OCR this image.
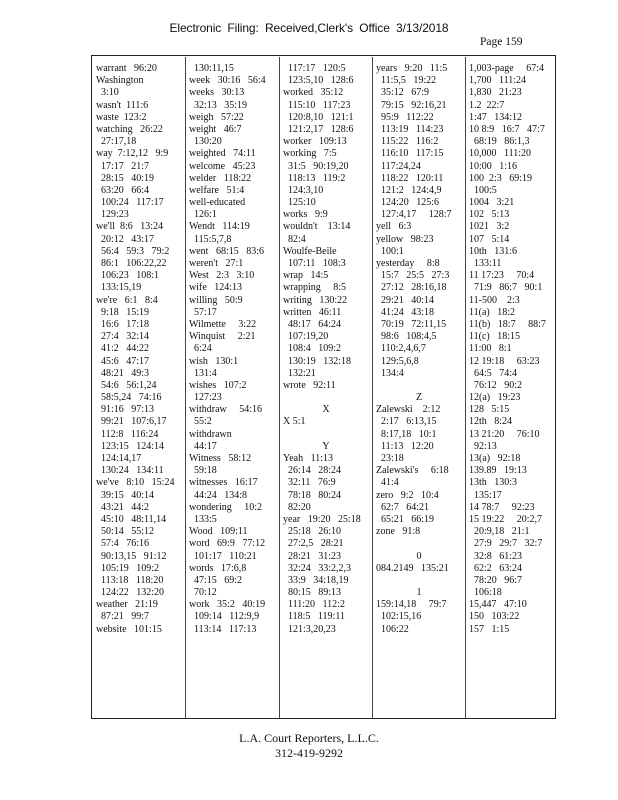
Electronic Filing: Received,Clerk's Office 3/13/2018
Page 159
warrant   96:20
Washington
3:10
wasn't  111:6
waste  123:2
watching   26:22
27:17,18
way  7:12,12   9:9
17:17   21:7
28:15   40:19
63:20   66:4
100:24   117:17
129:23
we'll  8:6   13:24
20:12   43:17
56:4   59:3   79:2
86:1   106:22,22
106:23   108:1
133:15,19
we're   6:1   8:4
9:18   15:19
16:6   17:18
27:4   32:14
41:2   44:22
45:6   47:17
48:21   49:3
54:6   56:1,24
58:5,24   74:16
91:16   97:13
99:21   107:6,17
112:8   116:24
123:15   124:14
124:14,17
130:24   134:11
we've   8:10   15:24
39:15   40:14
43:21   44:2
45:10   48:11,14
50:14   55:12
57:4   76:16
90:13,15   91:12
105:19   109:2
113:18   118:20
124:22   132:20
weather   21:19
87:21   99:7
website   101:15
130:11,15
week   30:16   56:4
weeks   30:13
32:13   35:19
weigh   57:22
weight   46:7
130:20
weighted   74:11
welcome   45:23
welder   118:22
welfare   51:4
well-educated
126:1
Wendt   114:19
115:5,7,8
went   68:15   83:6
weren't   27:1
West   2:3   3:10
wife   124:13
willing   50:9
57:17
Wilmette     3:22
Winquist     2:21
6:24
wish   130:1
131:4
wishes   107:2
127:23
withdraw     54:16
55:2
withdrawn
44:17
Witness   58:12
59:18
witnesses   16:17
44:24   134:8
wondering     10:2
133:5
Wood   109:11
word   69:9   77:12
101:17   110:21
words   17:6,8
47:15   69:2
70:12
work   35:2   40:19
109:14   112:9,9
113:14   117:13
117:17   120:5
123:5,10   128:6
worked   35:12
115:10   117:23
120:8,10   121:1
121:2,17   128:6
worker   109:13
working   7:5
31:5   90:19,20
118:13   119:2
124:3,10
125:10
works   9:9
wouldn't    13:14
82:4
Woulfe-Beile
107:11   108:3
wrap   14:5
wrapping     8:5
writing   130:22
written   46:11
48:17   64:24
107:19,20
108:4   109:2
130:19   132:18
132:21
wrote   92:11
X
X 5:1
Y
Yeah   11:13
26:14   28:24
32:11   76:9
78:18   80:24
82:20
year   19:20   25:18
25:18   26:10
27:2,5   28:21
28:21   31:23
32:24   33:2,2,3
33:9   34:18,19
80:15   89:13
111:20   112:2
118:5   119:11
121:3,20,23
years   9:20   11:5
11:5,5   19:22
35:12   67:9
79:15   92:16,21
95:9   112:22
113:19   114:23
115:22   116:2
116:10   117:15
117:24,24
118:22   120:11
121:2   124:4,9
124:20   125:6
127:4,17     128:7
yell   6:3
yellow   98:23
100:1
yesterday     8:8
15:7   25:5   27:3
27:12   28:16,18
29:21   40:14
41:24   43:18
70:19   72:11,15
98:6   108:4,5
110:2,4,6,7
129:5,6,8
134:4
Z
Zalewski    2:12
2:17   6:13,15
8:17,18   10:1
11:13   12:20
23:18
Zalewski's     6:18
41:4
zero   9:2   10:4
62:7   64:21
65:21   66:19
zone   91:8
0
084.2149   135:21
1
159:14,18     79:7
102:15,16
106:22
1,003-page     67:4
1,700   111:24
1,830   21:23
1.2  22:7
1:47   134:12
10 8:9   16:7   47:7
68:19   86:1,3
10,000   111:20
10:00   1:16
100  2:3   69:19
100:5
1004   3:21
102   5:13
1021   3:2
107   5:14
10th   131:6
133:11
11 17:23     70:4
71:9   86:7   90:1
11-500    2:3
11(a)   18:2
11(b)   18:7     88:7
11(c)   18:15
11:00   8:1
12 19:18     63:23
64:5   74:4
76:12   90:2
12(a)   19:23
128   5:15
12th   8:24
13 21:20     76:10
92:13
13(a)   92:18
139.89   19:13
13th   130:3
135:17
14 78:7     92:23
15 19:22     20:2,7
20:9,18   21:1
27:9   29:7   32:7
32:8   61:23
62:2   63:24
78:20   96:7
106:18
15,447   47:10
150   103:22
157   1:15
L.A. Court Reporters, L.L.C.
312-419-9292
